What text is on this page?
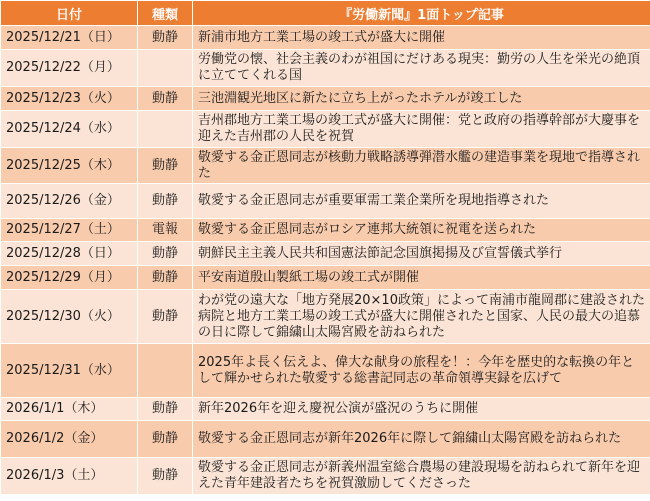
日付	種類	『労働新聞』1面トップ記事
2025/12/21（日）	動静	新浦市地方工業工場の竣工式が盛大に開催
2025/12/22（月）		労働党の懐、社会主義のわが祖国にだけある現実：勤労の人生を栄光の絶頂に立ててくれる国
2025/12/23（火）	動静	三池淵観光地区に新たに立ち上がったホテルが竣工した
2025/12/24（水）		吉州郡地方工業工場の竣工式が盛大に開催：党と政府の指導幹部が大慶事を迎えた吉州郡の人民を祝賀
2025/12/25（木）	動静	敬愛する金正恩同志が核動力戦略誘導弾潜水艦の建造事業を現地で指導された
2025/12/26（金）	動静	敬愛する金正恩同志が重要軍需工業企業所を現地指導された
2025/12/27（土）	電報	敬愛する金正恩同志がロシア連邦大統領に祝電を送られた
2025/12/28（日）	動静	朝鮮民主主義人民共和国憲法節記念国旗掲揚及び宣誓儀式挙行
2025/12/29（月）	動静	平安南道殷山製紙工場の竣工式が開催
2025/12/30（火）	動静	わが党の遠大な「地方発展20×10政策」によって南浦市龍岡郡に建設された病院と地方工業工場の竣工式が盛大に開催されたと国家、人民の最大の追慕の日に際して錦繍山太陽宮殿を訪ねられた
2025/12/31（水）		2025年よ長く伝えよ、偉大な献身の旅程を！：今年を歴史的な転換の年として輝かせられた敬愛する総書記同志の革命領導実録を広げて
2026/1/1（木）	動静	新年2026年を迎え慶祝公演が盛況のうちに開催
2026/1/2（金）	動静	敬愛する金正恩同志が新年2026年に際して錦繍山太陽宮殿を訪ねられた
2026/1/3（土）	動静	敬愛する金正恩同志が新義州温室総合農場の建設現場を訪ねられて新年を迎えた青年建設者たちを祝賀激励してくださった
